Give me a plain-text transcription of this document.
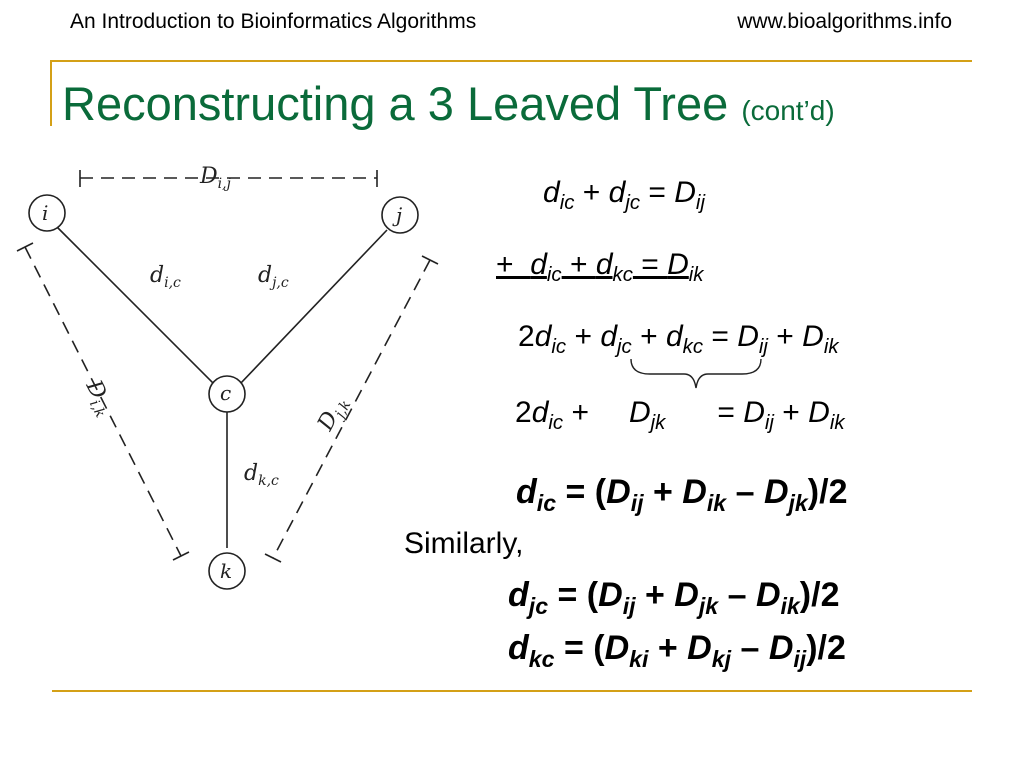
An Introduction to Bioinformatics Algorithms	www.bioalgorithms.info
Reconstructing a 3 Leaved Tree (cont’d)
i	j
c
k
$D_{i,j}$
$d_{i,c}$	$d_{j,c}$
$d_{k,c}$
$D_{i,k}$	$D_{j,k}$
$d_{ic} + d_{jc} = D_{ij}$
+  $d_{ic} + d_{kc} = D_{ik}$
$2d_{ic} + d_{jc} + d_{kc} = D_{ij} + D_{ik}$
$2d_{ic} + D_{jk} = D_{ij} + D_{ik}$
$d_{ic} = (D_{ij} + D_{ik} - D_{jk})/2$
Similarly,
$d_{jc} = (D_{ij} + D_{jk} - D_{ik})/2$
$d_{kc} = (D_{ki} + D_{kj} - D_{ij})/2$
